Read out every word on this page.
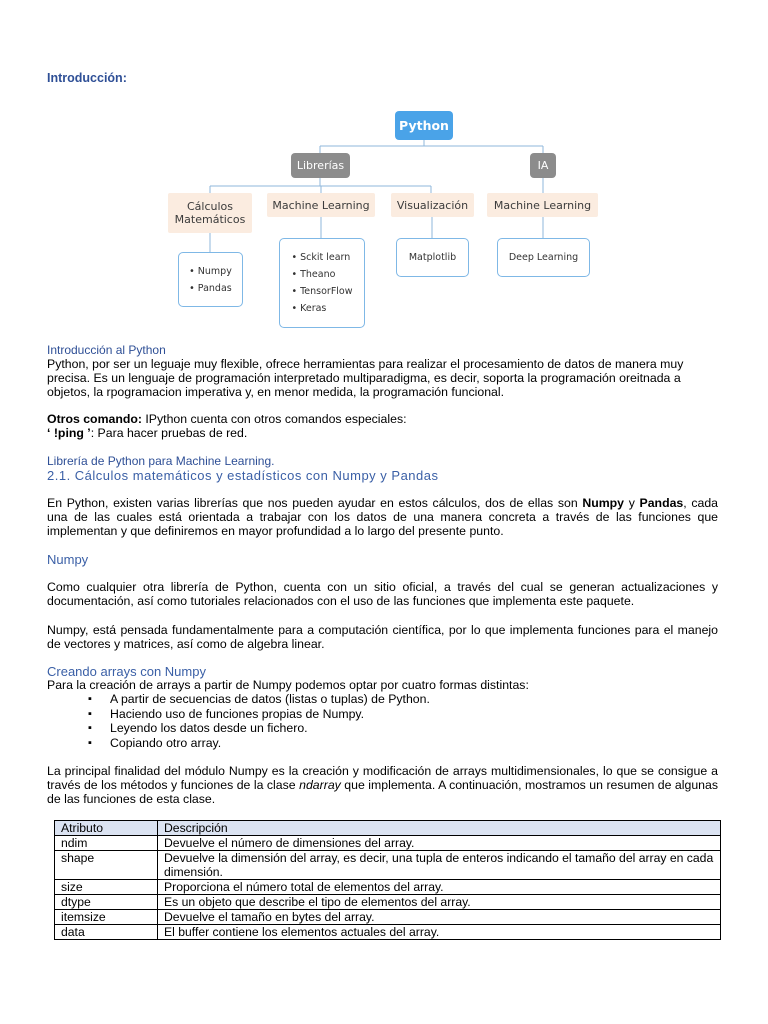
Introducción:
Python
Librerías	IA
Cálculos Matemáticos
Machine Learning	Visualización	Machine Learning
• Numpy
• Pandas
• Sckit learn
• Theano
• TensorFlow
• Keras
Matplotlib	Deep Learning
Introducción al Python

Python, por ser un leguaje muy flexible, ofrece herramientas para realizar el procesamiento de datos de manera muy precisa. Es un lenguaje de programación interpretado multiparadigma, es decir, soporta la programación oreitnada a objetos, la rpogramacion imperativa y, en menor medida, la programación funcional.

Otros comando: IPython cuenta con otros comandos especiales:
‘ !ping ’: Para hacer pruebas de red.

Librería de Python para Machine Learning.
2.1. Cálculos matemáticos y estadísticos con Numpy y Pandas

En Python, existen varias librerías que nos pueden ayudar en estos cálculos, dos de ellas son Numpy y Pandas, cada una de las cuales está orientada a trabajar con los datos de una manera concreta a través de las funciones que implementan y que definiremos en mayor profundidad a lo largo del presente punto.

Numpy

Como cualquier otra librería de Python, cuenta con un sitio oficial, a través del cual se generan actualizaciones y documentación, así como tutoriales relacionados con el uso de las funciones que implementa este paquete.

Numpy, está pensada fundamentalmente para a computación científica, por lo que implementa funciones para el manejo de vectores y matrices, así como de algebra linear.

Creando arrays con Numpy

Para la creación de arrays a partir de Numpy podemos optar por cuatro formas distintas:

▪ A partir de secuencias de datos (listas o tuplas) de Python.
▪ Haciendo uso de funciones propias de Numpy.
▪ Leyendo los datos desde un fichero.
▪ Copiando otro array.

La principal finalidad del módulo Numpy es la creación y modificación de arrays multidimensionales, lo que se consigue a través de los métodos y funciones de la clase ndarray que implementa. A continuación, mostramos un resumen de algunas de las funciones de esta clase.

Atributo	Descripción
ndim	Devuelve el número de dimensiones del array.
shape	Devuelve la dimensión del array, es decir, una tupla de enteros indicando el tamaño del array en cada dimensión.
size	Proporciona el número total de elementos del array.
dtype	Es un objeto que describe el tipo de elementos del array.
itemsize	Devuelve el tamaño en bytes del array.
data	El buffer contiene los elementos actuales del array.
